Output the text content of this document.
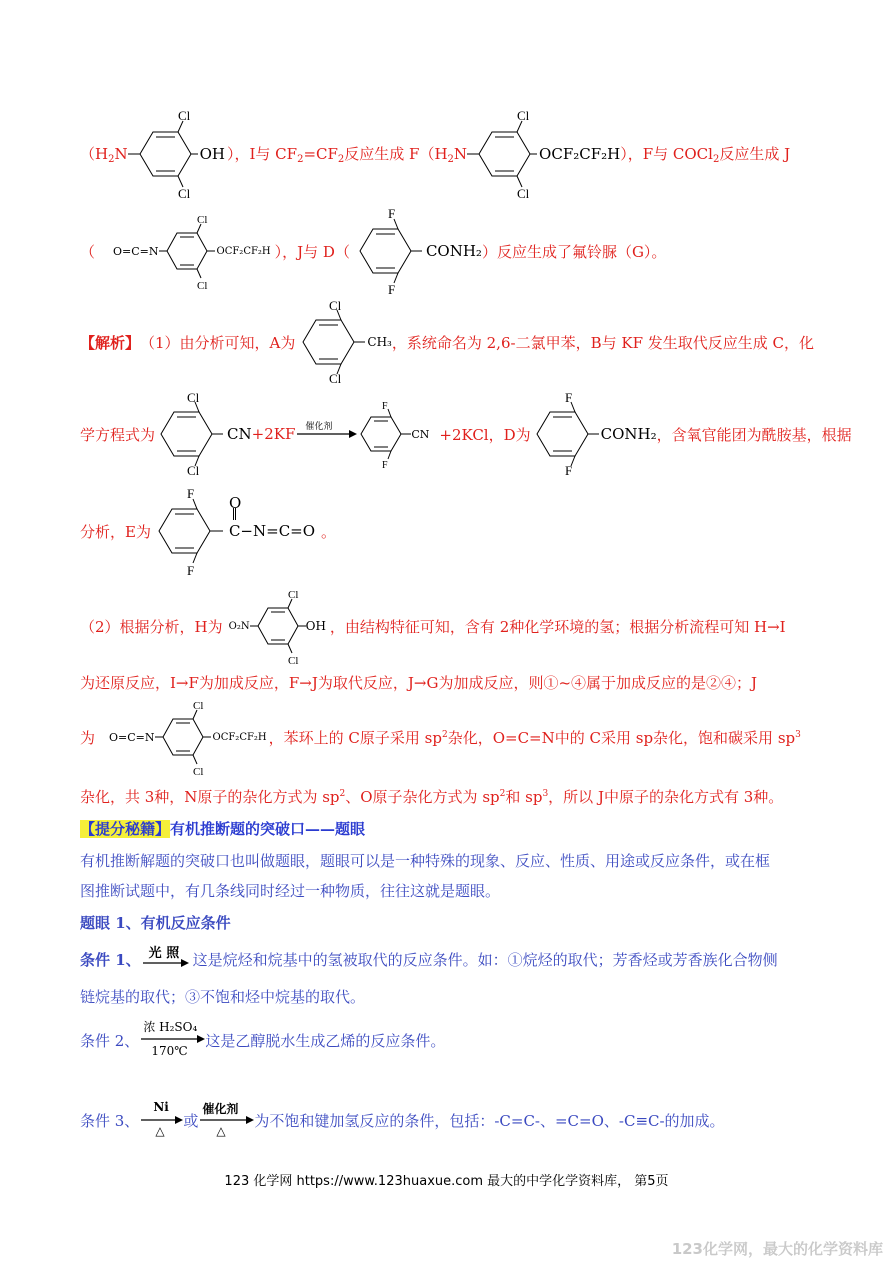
（$H_2N$
Cl
Cl
OH ），I与 $CF_2=CF_2$反应生成 $F(H_2N$
Cl
Cl
OCF₂CF₂H ），F与 COCl$_2$反应生成 J
（ O=C=N
Cl
Cl
OCF₂CF₂H ），J与 D（
F
F
CONH₂ ）反应生成了氟铃脲（G）。
【解析】 （1）由分析可知，A为
Cl
Cl
CH₃ ，系统命名为 2,6-二氯甲苯，B与 KF 发生取代反应生成 C，化
学方程式为
Cl
Cl
CN +2KF 催化剂
F
F
CN +2KCl，D为
F
F
CONH₂ ，含氧官能团为酰胺基，根据
分析，E为
F
F
O
C−N=C=O 。
（2）根据分析，H为 O₂N
Cl
Cl
OH ，由结构特征可知，含有 2种化学环境的氢；根据分析流程可知 H→I
为还原反应，I→F为加成反应，F→J为取代反应，J→G为加成反应，则①~④属于加成反应的是②④；J
为 O=C=N
Cl
Cl
OCF₂CF₂H ，苯环上的 C原子采用 $sp^2$杂化，O=C=N中的 C采用 sp杂化，饱和碳采用 $sp^3$
杂化，共 3种，N原子的杂化方式为 $sp^2$、O原子杂化方式为 $sp^2$和 $sp^3$，所以 J中原子的杂化方式有 3种。
【提分秘籍】有机推断题的突破口——题眼
有机推断解题的突破口也叫做题眼，题眼可以是一种特殊的现象、反应、性质、用途或反应条件，或在框
图推断试题中，有几条线同时经过一种物质，往往这就是题眼。
题眼 1、有机反应条件
条件 1、 光 照 这是烷烃和烷基中的氢被取代的反应条件。如：①烷烃的取代；芳香烃或芳香族化合物侧
链烷基的取代；③不饱和烃中烷基的取代。
条件 2、
浓 H₂SO₄
170℃
这是乙醇脱水生成乙烯的反应条件。
条件 3、
Ni
△
或
催化剂
△
为不饱和键加氢反应的条件，包括：-C=C-、=C=O、-C≡C-的加成。
123 化学网 https://www.123huaxue.com 最大的中学化学资料库， 第5页
123化学网，最大的化学资料库
